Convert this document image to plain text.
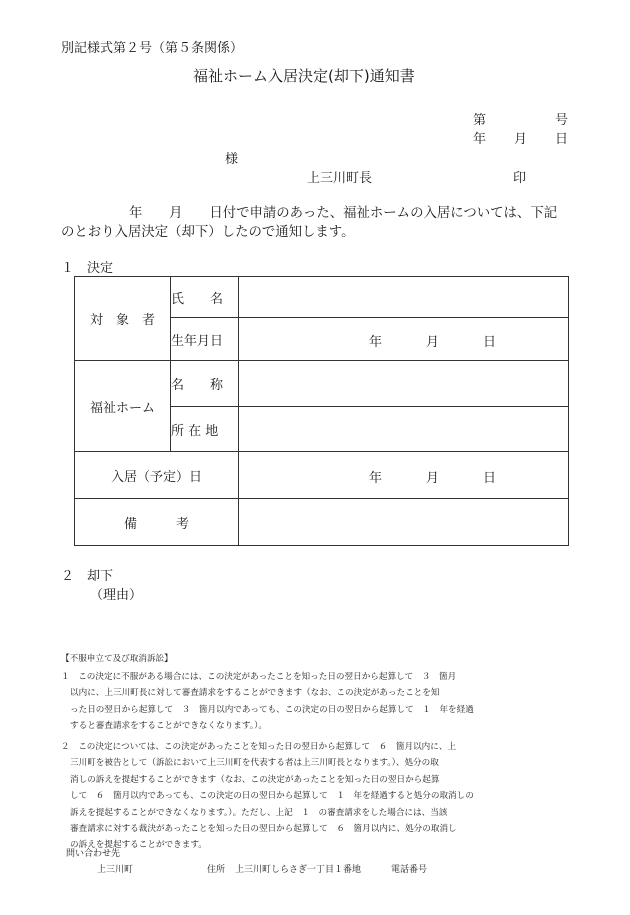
別記様式第２号（第５条関係）
福祉ホーム入居決定(却下)通知書
第	号
年 月 日
様
上三川町長	印
年　　月　　日付で申請のあった、福祉ホームの入居については、下記
のとおり入居決定（却下）したので通知します。
１　決定
対　象　者	氏　　名	
	生年月日	年 月 日

福祉ホーム	名　　称	
	所 在 地	
入居（予定）日		年 月 日

備　　　考		
２　却下
（理由）
【不服申立て及び取消訴訟】
１　この決定に不服がある場合には、この決定があったことを知った日の翌日から起算して　３　箇月
以内に、上三川町長に対して審査請求をすることができます（なお、この決定があったことを知
った日の翌日から起算して　３　箇月以内であっても、この決定の日の翌日から起算して　１　年を経過
すると審査請求をすることができなくなります。）。
２　この決定については、この決定があったことを知った日の翌日から起算して　６　箇月以内に、上
三川町を被告として（訴訟において上三川町を代表する者は上三川町長となります。）、処分の取
消しの訴えを提起することができます（なお、この決定があったことを知った日の翌日から起算
して　６　箇月以内であっても、この決定の日の翌日から起算して　１　年を経過すると処分の取消しの
訴えを提起することができなくなります。）。ただし、上記　１　の審査請求をした場合には、当該
審査請求に対する裁決があったことを知った日の翌日から起算して　６　箇月以内に、処分の取消し
の訴えを提起することができます。
問い合わせ先
上三川町	住所 上三川町しらさぎ一丁目１番地	電話番号
